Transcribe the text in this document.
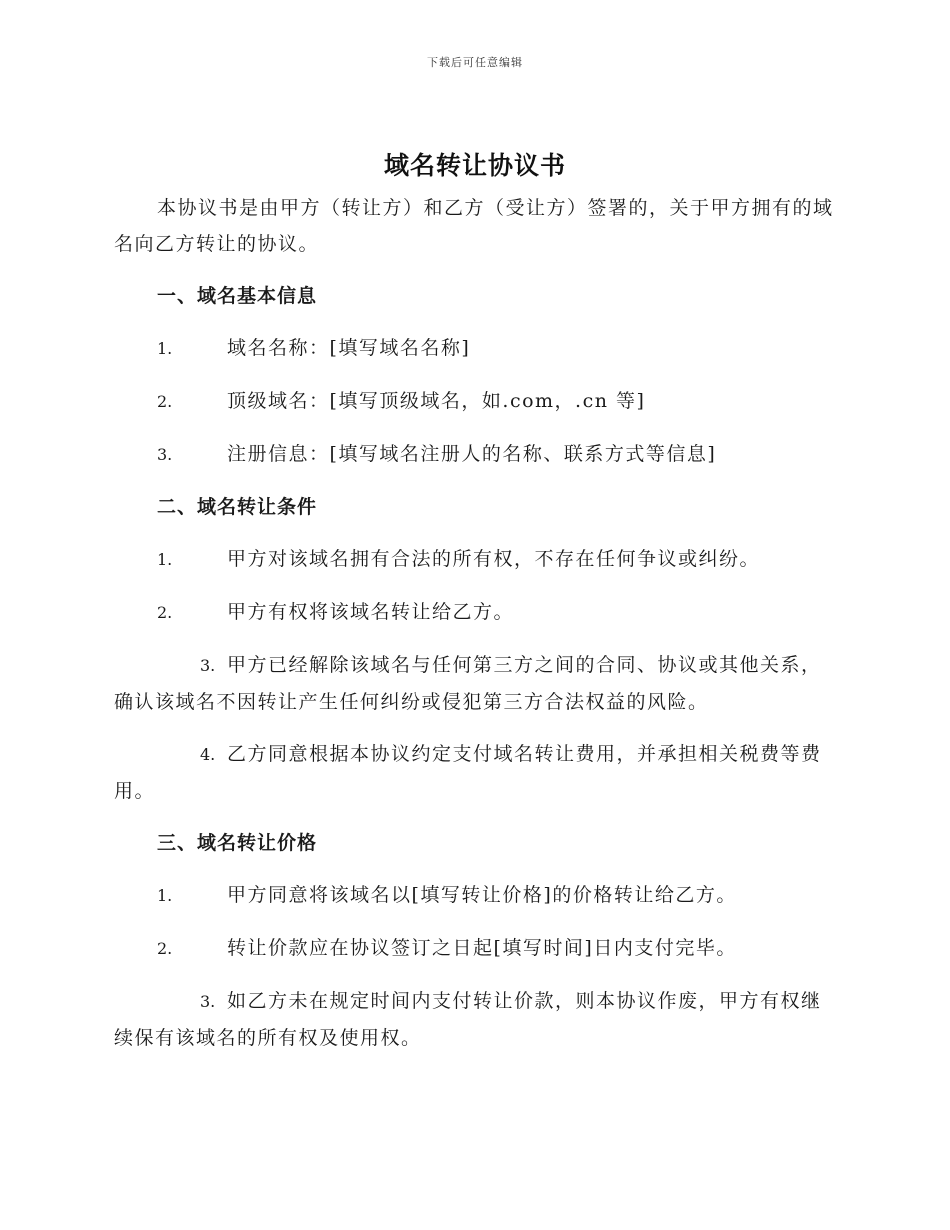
下载后可任意编辑
域名转让协议书

本协议书是由甲方（转让方）和乙方（受让方）签署的，关于甲方拥有的域名向乙方转让的协议。

一、域名基本信息
1.	域名名称：[填写域名名称]
2.	顶级域名：[填写顶级域名，如.com，.cn 等]
3.	注册信息：[填写域名注册人的名称、联系方式等信息]
二、域名转让条件
1.	甲方对该域名拥有合法的所有权，不存在任何争议或纠纷。
2.	甲方有权将该域名转让给乙方。
3. 甲方已经解除该域名与任何第三方之间的合同、协议或其他关系，确认该域名不因转让产生任何纠纷或侵犯第三方合法权益的风险。
4. 乙方同意根据本协议约定支付域名转让费用，并承担相关税费等费用。
三、域名转让价格
1.	甲方同意将该域名以[填写转让价格]的价格转让给乙方。
2.	转让价款应在协议签订之日起[填写时间]日内支付完毕。
3. 如乙方未在规定时间内支付转让价款，则本协议作废，甲方有权继续保有该域名的所有权及使用权。
